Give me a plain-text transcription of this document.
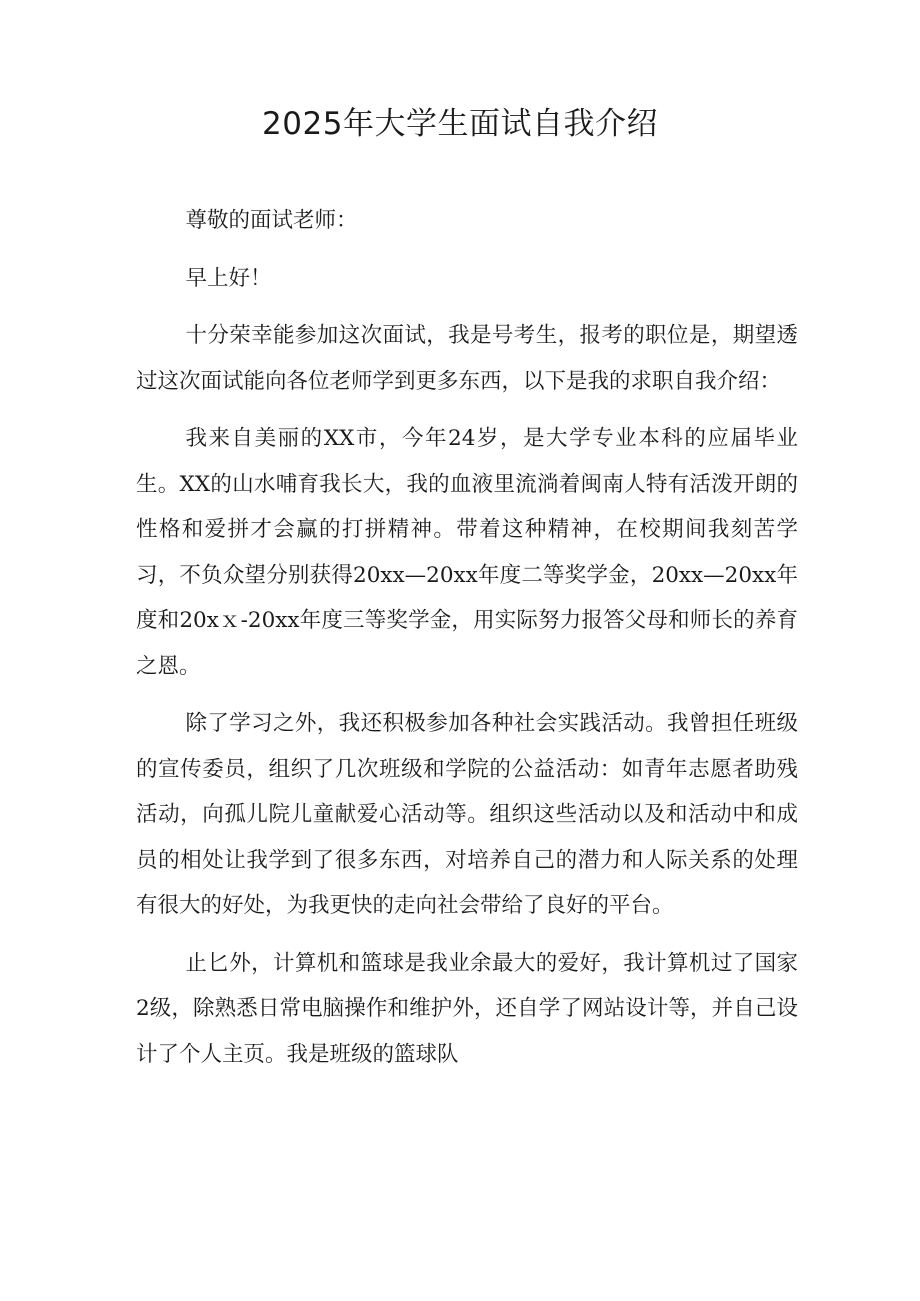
2025年大学生面试自我介绍

尊敬的面试老师：

早上好！

十分荣幸能参加这次面试，我是号考生，报考的职位是，期望透过这次面试能向各位老师学到更多东西，以下是我的求职自我介绍：

我来自美丽的XX市，今年24岁，是大学专业本科的应届毕业生。XX的山水哺育我长大，我的血液里流淌着闽南人特有活泼开朗的性格和爱拼才会赢的打拼精神。带着这种精神，在校期间我刻苦学习，不负众望分别获得20xx—20xx年度二等奖学金，20xx—20xx年度和20xｘ-20xx年度三等奖学金，用实际努力报答父母和师长的养育之恩。

除了学习之外，我还积极参加各种社会实践活动。我曾担任班级的宣传委员，组织了几次班级和学院的公益活动：如青年志愿者助残活动，向孤儿院儿童献爱心活动等。组织这些活动以及和活动中和成员的相处让我学到了很多东西，对培养自己的潜力和人际关系的处理有很大的好处，为我更快的走向社会带给了良好的平台。

止匕外，计算机和篮球是我业余最大的爱好，我计算机过了国家2级，除熟悉日常电脑操作和维护外，还自学了网站设计等，并自己设计了个人主页。我是班级的篮球队
